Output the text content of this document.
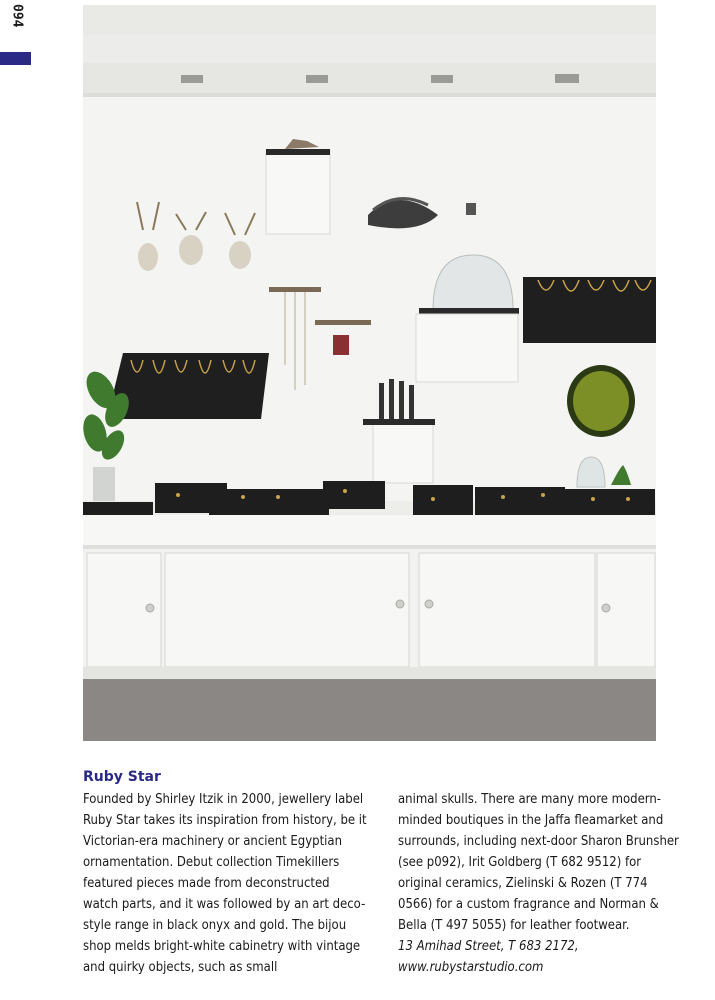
094
Ruby Star

Founded by Shirley Itzik in 2000, jewellery label Ruby Star takes its inspiration from history, be it Victorian-era machinery or ancient Egyptian ornamentation. Debut collection Timekillers featured pieces made from deconstructed watch parts, and it was followed by an art deco-style range in black onyx and gold. The bijou shop melds bright-white cabinetry with vintage and quirky objects, such as small

animal skulls. There are many more modern-minded boutiques in the Jaffa fleamarket and surrounds, including next-door Sharon Brunsher (see p092), Irit Goldberg (T 682 9512) for original ceramics, Zielinski & Rozen (T 774 0566) for a custom fragrance and Norman & Bella (T 497 5055) for leather footwear.

13 Amihad Street, T 683 2172,

www.rubystarstudio.com
